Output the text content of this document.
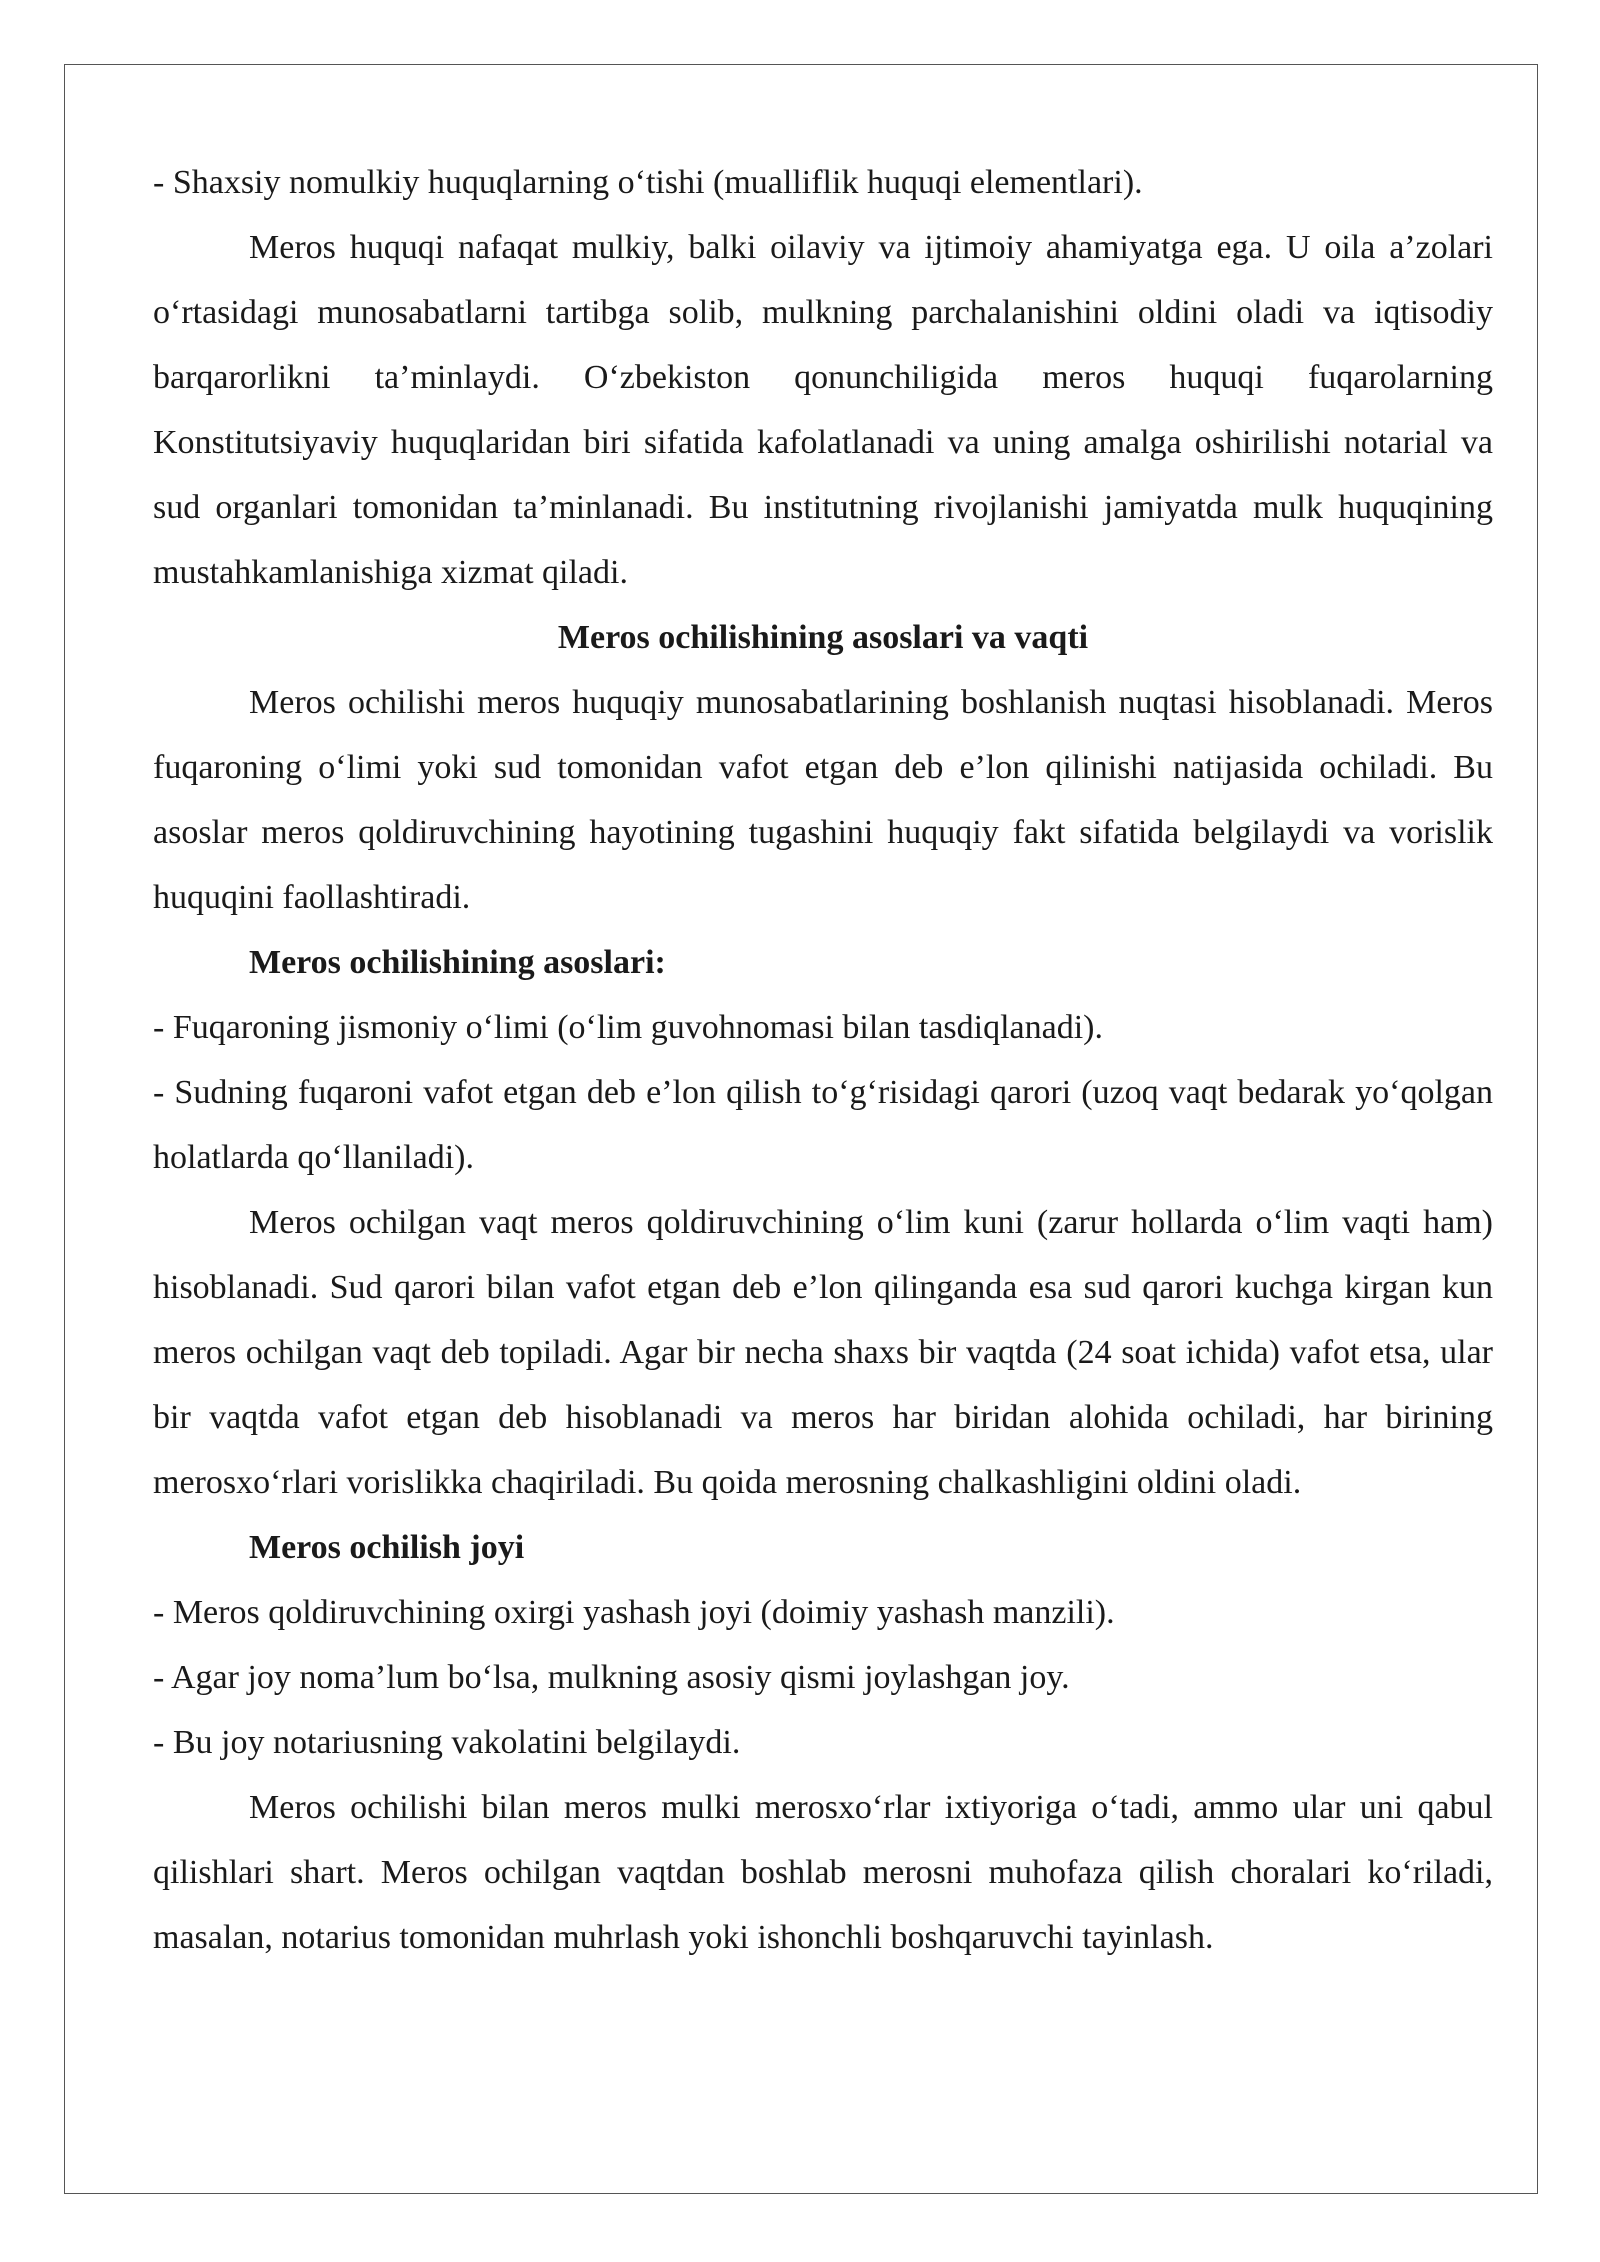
- Shaxsiy nomulkiy huquqlarning o‘tishi (mualliflik huquqi elementlari).

Meros huquqi nafaqat mulkiy, balki oilaviy va ijtimoiy ahamiyatga ega. U oila a’zolari o‘rtasidagi munosabatlarni tartibga solib, mulkning parchalanishini oldini oladi va iqtisodiy barqarorlikni ta’minlaydi. O‘zbekiston qonunchiligida meros huquqi fuqarolarning Konstitutsiyaviy huquqlaridan biri sifatida kafolatlanadi va uning amalga oshirilishi notarial va sud organlari tomonidan ta’minlanadi. Bu institutning rivojlanishi jamiyatda mulk huquqining mustahkamlanishiga xizmat qiladi.

Meros ochilishining asoslari va vaqti

Meros ochilishi meros huquqiy munosabatlarining boshlanish nuqtasi hisoblanadi. Meros fuqaroning o‘limi yoki sud tomonidan vafot etgan deb e’lon qilinishi natijasida ochiladi. Bu asoslar meros qoldiruvchining hayotining tugashini huquqiy fakt sifatida belgilaydi va vorislik huquqini faollashtiradi.

Meros ochilishining asoslari:

- Fuqaroning jismoniy o‘limi (o‘lim guvohnomasi bilan tasdiqlanadi).

- Sudning fuqaroni vafot etgan deb e’lon qilish to‘g‘risidagi qarori (uzoq vaqt bedarak yo‘qolgan holatlarda qo‘llaniladi).

Meros ochilgan vaqt meros qoldiruvchining o‘lim kuni (zarur hollarda o‘lim vaqti ham) hisoblanadi. Sud qarori bilan vafot etgan deb e’lon qilinganda esa sud qarori kuchga kirgan kun meros ochilgan vaqt deb topiladi. Agar bir necha shaxs bir vaqtda (24 soat ichida) vafot etsa, ular bir vaqtda vafot etgan deb hisoblanadi va meros har biridan alohida ochiladi, har birining merosxo‘rlari vorislikka chaqiriladi. Bu qoida merosning chalkashligini oldini oladi.

Meros ochilish joyi

- Meros qoldiruvchining oxirgi yashash joyi (doimiy yashash manzili).

- Agar joy noma’lum bo‘lsa, mulkning asosiy qismi joylashgan joy.

- Bu joy notariusning vakolatini belgilaydi.

Meros ochilishi bilan meros mulki merosxo‘rlar ixtiyoriga o‘tadi, ammo ular uni qabul qilishlari shart. Meros ochilgan vaqtdan boshlab merosni muhofaza qilish choralari ko‘riladi, masalan, notarius tomonidan muhrlash yoki ishonchli boshqaruvchi tayinlash.
